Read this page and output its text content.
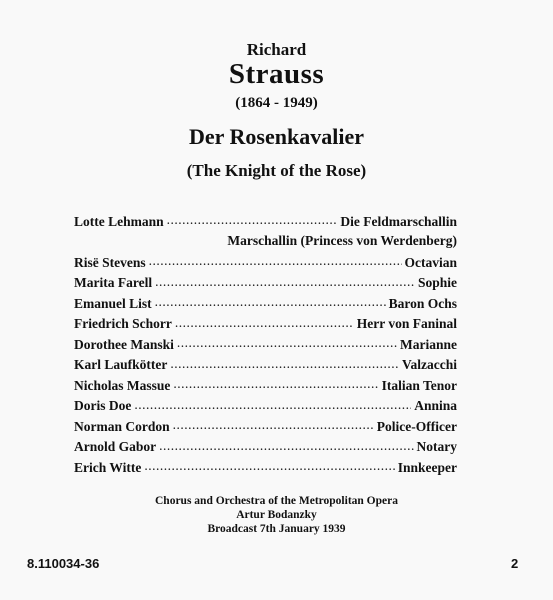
Richard
Strauss
(1864 - 1949)
Der Rosenkavalier
(The Knight of the Rose)
Lotte Lehmann .....	Die Feldmarschallin
Marschallin (Princess von Werdenberg)
Risë Stevens .....	Octavian
Marita Farell .....	Sophie
Emanuel List .....	Baron Ochs
Friedrich Schorr .....	Herr von Faninal
Dorothee Manski .....	Marianne
Karl Laufkötter .....	Valzacchi
Nicholas Massue .....	Italian Tenor
Doris Doe .....	Annina
Norman Cordon .....	Police-Officer
Arnold Gabor .....	Notary
Erich Witte .....	Innkeeper
Chorus and Orchestra of the Metropolitan Opera
Artur Bodanzky
Broadcast 7th January 1939
8.110034-36	2
